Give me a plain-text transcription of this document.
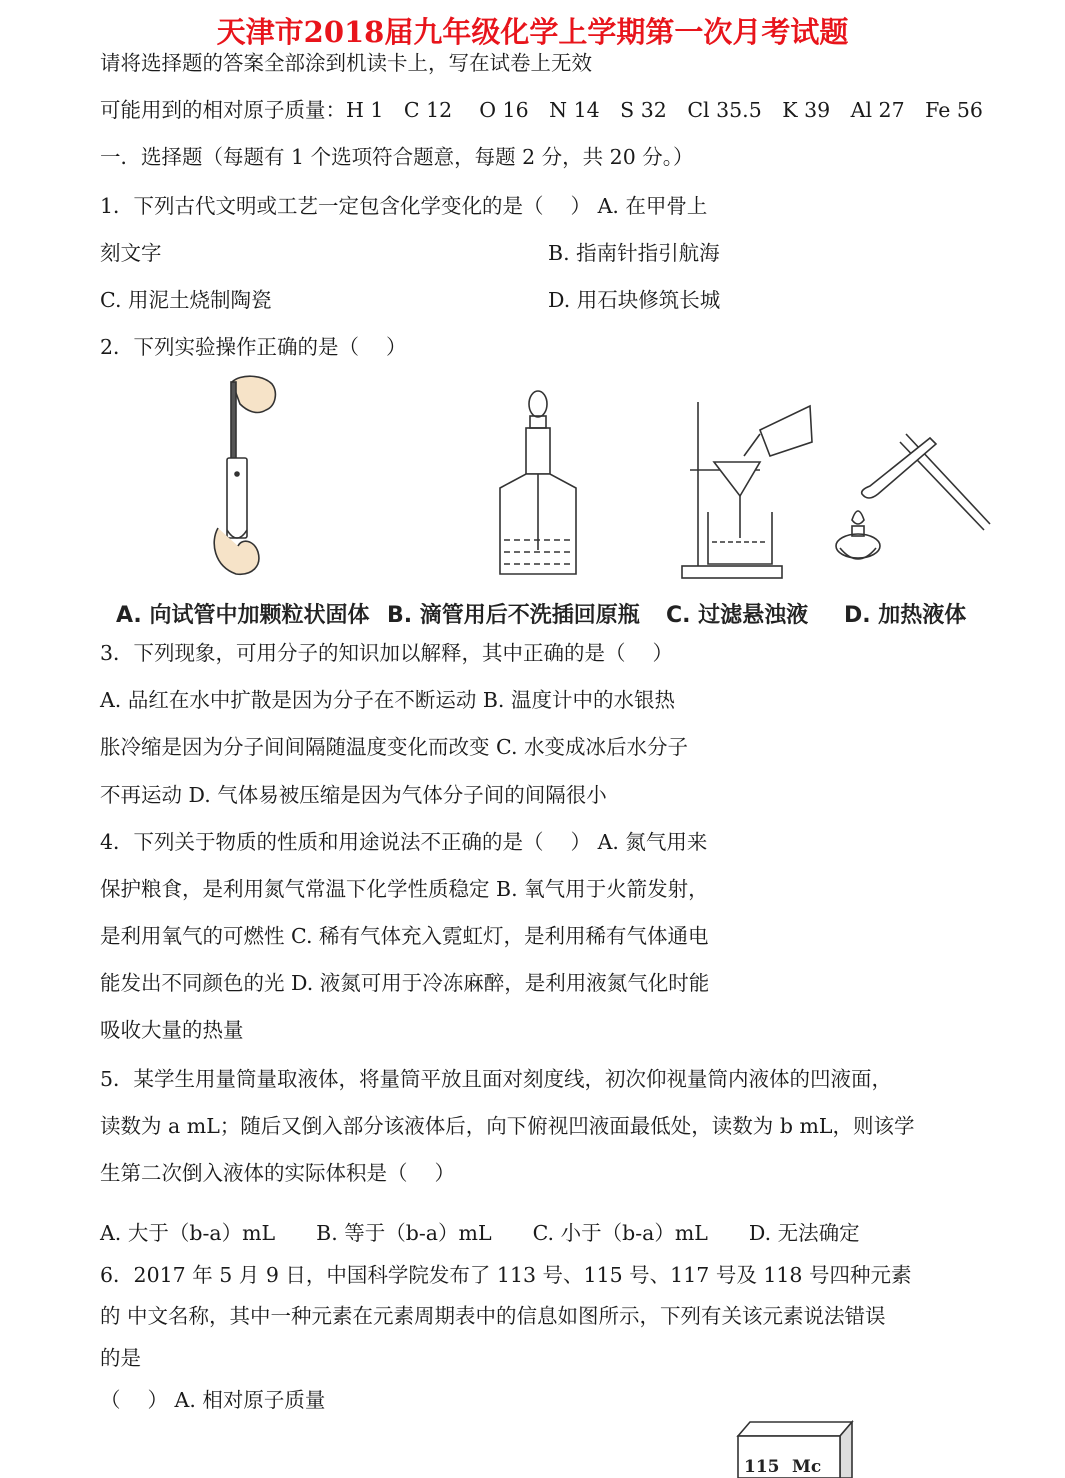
天津市2018届九年级化学上学期第一次月考试题
请将选择题的答案全部涂到机读卡上，写在试卷上无效
可能用到的相对原子质量：H 1　C 12　 O 16　N 14　S 32　Cl 35.5　K 39　Al 27　Fe 56
一．选择题（每题有 1 个选项符合题意，每题 2 分，共 20 分。）
1．下列古代文明或工艺一定包含化学变化的是（　 ） A. 在甲骨上
刻文字	B. 指南针指引航海
C. 用泥土烧制陶瓷	D. 用石块修筑长城
2．下列实验操作正确的是（　 ）
A. 向试管中加颗粒状固体 B. 滴管用后不洗插回原瓶 C. 过滤悬浊液 D. 加热液体
3．下列现象，可用分子的知识加以解释，其中正确的是（　 ）
A. 品红在水中扩散是因为分子在不断运动 B. 温度计中的水银热
胀冷缩是因为分子间间隔随温度变化而改变 C. 水变成冰后水分子
不再运动 D. 气体易被压缩是因为气体分子间的间隔很小
4．下列关于物质的性质和用途说法不正确的是（　 ） A. 氮气用来
保护粮食，是利用氮气常温下化学性质稳定 B. 氧气用于火箭发射，
是利用氧气的可燃性 C. 稀有气体充入霓虹灯，是利用稀有气体通电
能发出不同颜色的光 D. 液氮可用于冷冻麻醉，是利用液氮气化时能
吸收大量的热量
5．某学生用量筒量取液体，将量筒平放且面对刻度线，初次仰视量筒内液体的凹液面，
读数为 a mL；随后又倒入部分该液体后，向下俯视凹液面最低处，读数为 b mL，则该学
生第二次倒入液体的实际体积是（　 ）
A. 大于（b-a）mL　　B. 等于（b-a）mL　　C. 小于（b-a）mL　　D. 无法确定
6．2017 年 5 月 9 日，中国科学院发布了 113 号、115 号、117 号及 118 号四种元素
的 中文名称，其中一种元素在元素周期表中的信息如图所示，下列有关该元素说法错误
的是
（　 ） A. 相对原子质量
115 Mc
